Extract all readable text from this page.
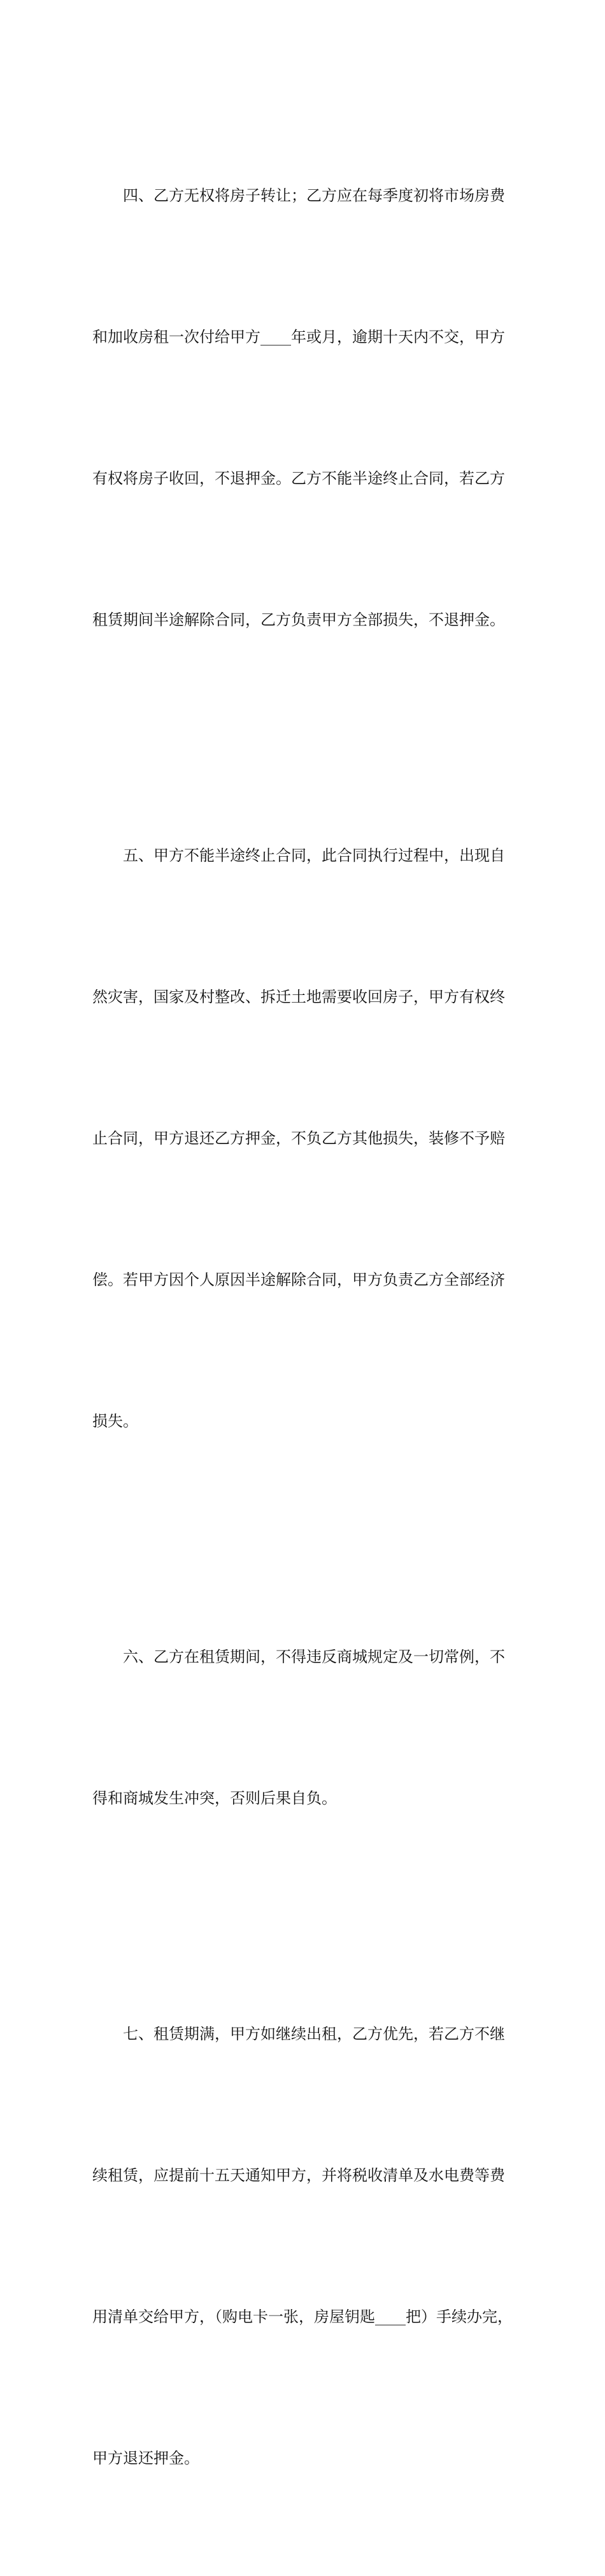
四、乙方无权将房子转让；乙方应在每季度初将市场房费

和加收房租一次付给甲方____年或月，逾期十天内不交，甲方

有权将房子收回，不退押金。乙方不能半途终止合同，若乙方

租赁期间半途解除合同，乙方负责甲方全部损失，不退押金。

五、甲方不能半途终止合同，此合同执行过程中，出现自

然灾害，国家及村整改、拆迁土地需要收回房子，甲方有权终

止合同，甲方退还乙方押金，不负乙方其他损失，装修不予赔

偿。若甲方因个人原因半途解除合同，甲方负责乙方全部经济

损失。

六、乙方在租赁期间，不得违反商城规定及一切常例，不

得和商城发生冲突，否则后果自负。

七、租赁期满，甲方如继续出租，乙方优先，若乙方不继

续租赁，应提前十五天通知甲方，并将税收清单及水电费等费

用清单交给甲方，（购电卡一张，房屋钥匙____把）手续办完，

甲方退还押金。
